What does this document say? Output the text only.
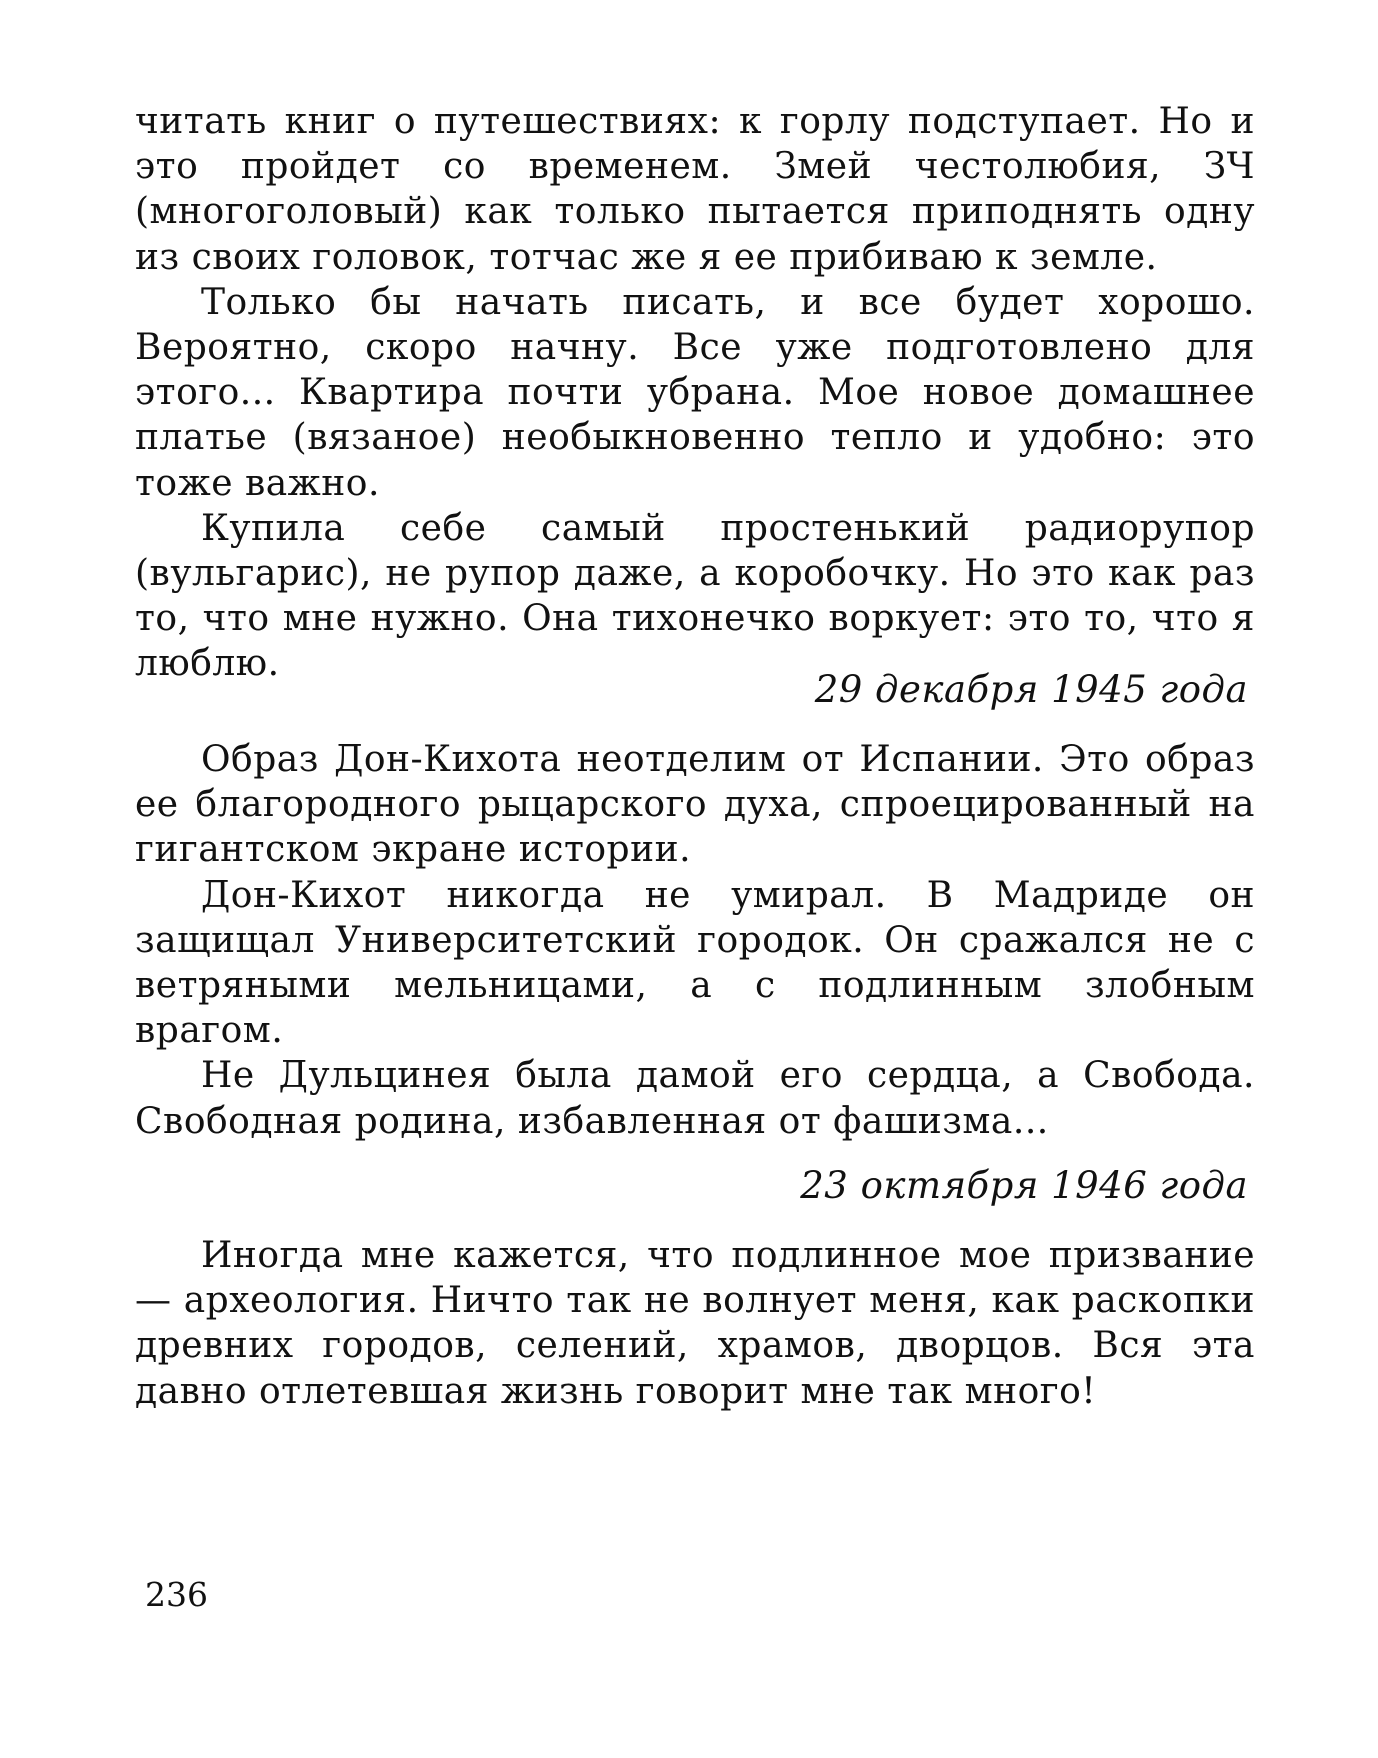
читать книг о путешествиях: к горлу подступает. Но и это пройдет со временем. Змей честолюбия, ЗЧ (многоголовый) как только пытается приподнять одну из своих головок, тотчас же я ее прибиваю к земле.

Только бы начать писать, и все будет хорошо. Вероятно, скоро начну. Все уже подготовлено для этого... Квартира почти убрана. Мое новое домашнее платье (вязаное) необыкновенно тепло и удобно: это тоже важно.

Купила себе самый простенький радиорупор (вульгарис), не рупор даже, а коробочку. Но это как раз то, что мне нужно. Она тихонечко воркует: это то, что я люблю.

29 декабря 1945 года

Образ Дон-Кихота неотделим от Испании. Это образ ее благородного рыцарского духа, спроецированный на гигантском экране истории.

Дон-Кихот никогда не умирал. В Мадриде он защищал Университетский городок. Он сражался не с ветряными мельницами, а с подлинным злобным врагом.

Не Дульцинея была дамой его сердца, а Свобода. Свободная родина, избавленная от фашизма...

23 октября 1946 года

Иногда мне кажется, что подлинное мое призвание — археология. Ничто так не волнует меня, как раскопки древних городов, селений, храмов, дворцов. Вся эта давно отлетевшая жизнь говорит мне так много!

236
